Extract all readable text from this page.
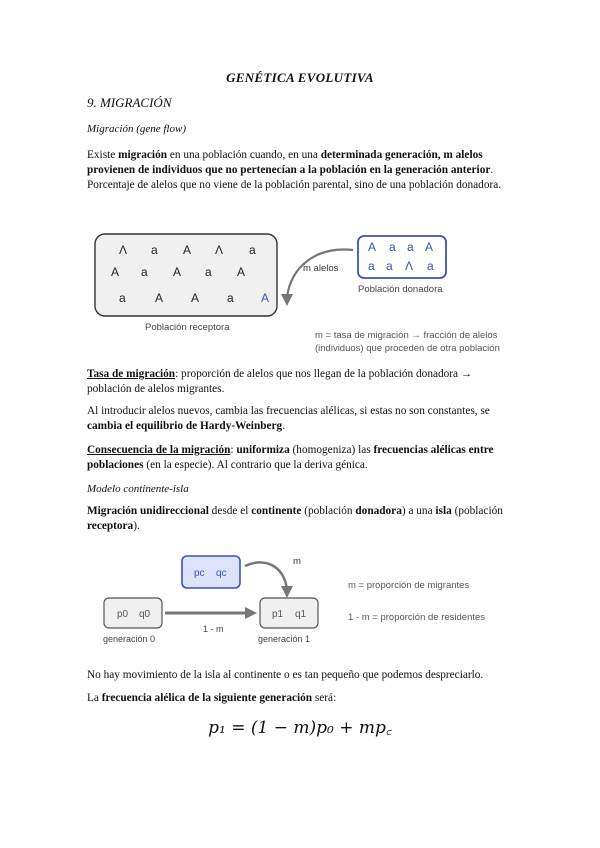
GENÉTICA EVOLUTIVA
9. MIGRACIÓN
Migración (gene flow)
Existe migración en una población cuando, en una determinada generación, m alelos provienen de individuos que no pertenecían a la población en la generación anterior. Porcentaje de alelos que no viene de la población parental, sino de una población donadora.
Λ a A Λ a
A a A a A
a A A a A
Población receptora
A a a A
a a Λ a
Población donadora
m alelos
m = tasa de migración → fracción de alelos
(individuos) que proceden de otra población
Tasa de migración: proporción de alelos que nos llegan de la población donadora → población de alelos migrantes.
Al introducir alelos nuevos, cambia las frecuencias alélicas, si estas no son constantes, se cambia el equilibrio de Hardy-Weinberg.
Consecuencia de la migración: uniformiza (homogeniza) las frecuencias alélicas entre poblaciones (en la especie). Al contrario que la deriva génica.
Modelo continente-isla
Migración unidireccional desde el continente (población donadora) a una isla (población receptora).
pc qc
p0 q0
generación 0
p1 q1
generación 1
1 - m
m
m = proporción de migrantes
1 - m = proporción de residentes
No hay movimiento de la isla al continente o es tan pequeño que podemos despreciarlo.
La frecuencia alélica de la siguiente generación será:
p₁ = (1 − m)p₀ + mp꜀
